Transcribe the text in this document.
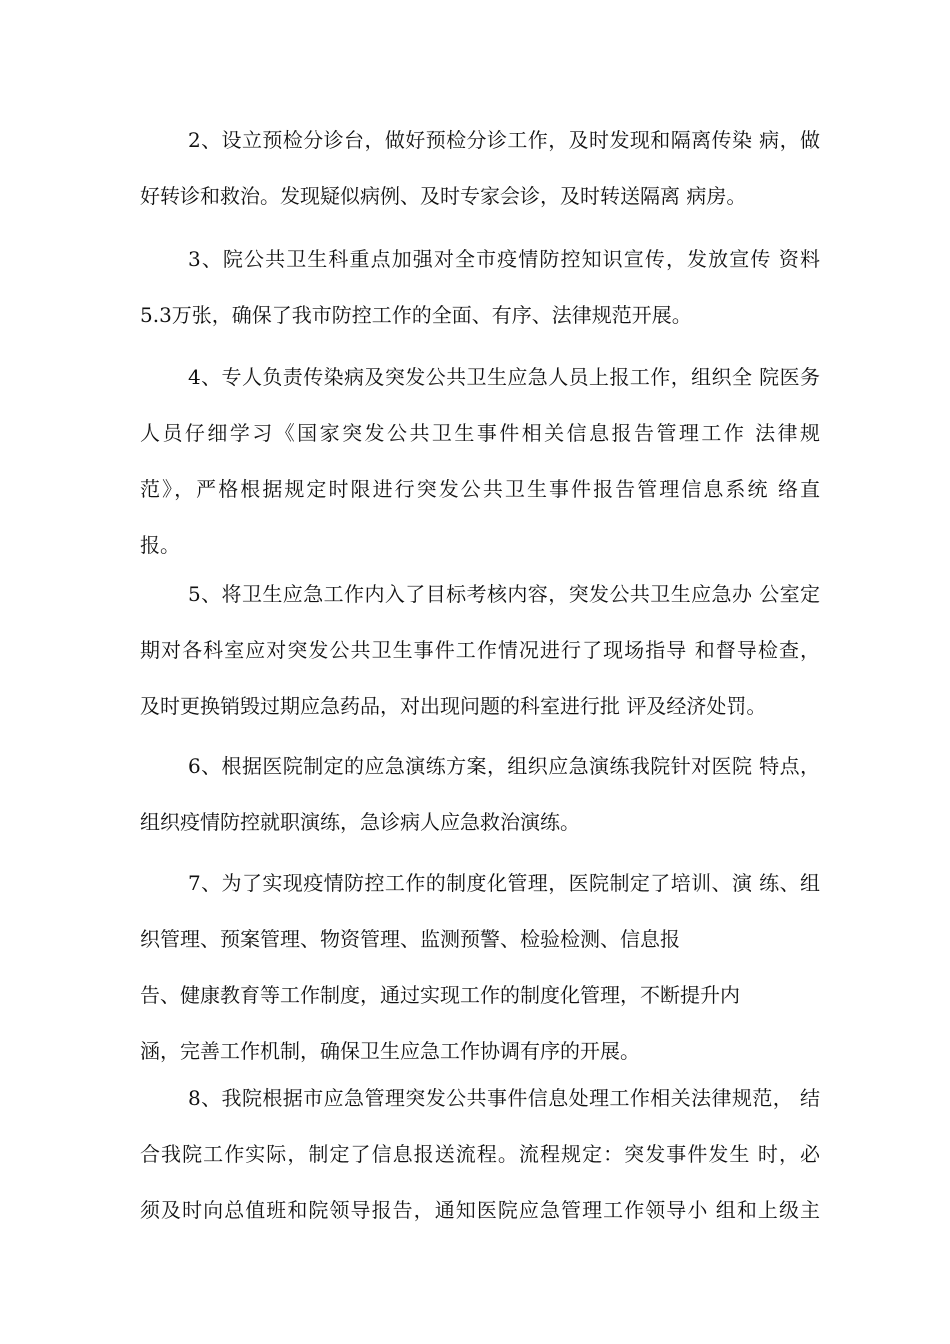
2、设立预检分诊台，做好预检分诊工作，及时发现和隔离传染 病，做
好转诊和救治。发现疑似病例、及时专家会诊，及时转送隔离 病房。
3、院公共卫生科重点加强对全市疫情防控知识宣传，发放宣传 资料
5.3万张，确保了我市防控工作的全面、有序、法律规范开展。
4、专人负责传染病及突发公共卫生应急人员上报工作，组织全 院医务
人员仔细学习《国家突发公共卫生事件相关信息报告管理工作 法律规
范》，严格根据规定时限进行突发公共卫生事件报告管理信息系统 络直
报。
5、将卫生应急工作内入了目标考核内容，突发公共卫生应急办 公室定
期对各科室应对突发公共卫生事件工作情况进行了现场指导 和督导检查，
及时更换销毁过期应急药品，对出现问题的科室进行批 评及经济处罚。
6、根据医院制定的应急演练方案，组织应急演练我院针对医院 特点，
组织疫情防控就职演练，急诊病人应急救治演练。
7、为了实现疫情防控工作的制度化管理，医院制定了培训、演 练、组
织管理、预案管理、物资管理、监测预警、检验检测、信息报
告、健康教育等工作制度，通过实现工作的制度化管理，不断提升内
涵，完善工作机制，确保卫生应急工作协调有序的开展。
8、我院根据市应急管理突发公共事件信息处理工作相关法律规范， 结
合我院工作实际，制定了信息报送流程。流程规定：突发事件发生 时，必
须及时向总值班和院领导报告，通知医院应急管理工作领导小 组和上级主
